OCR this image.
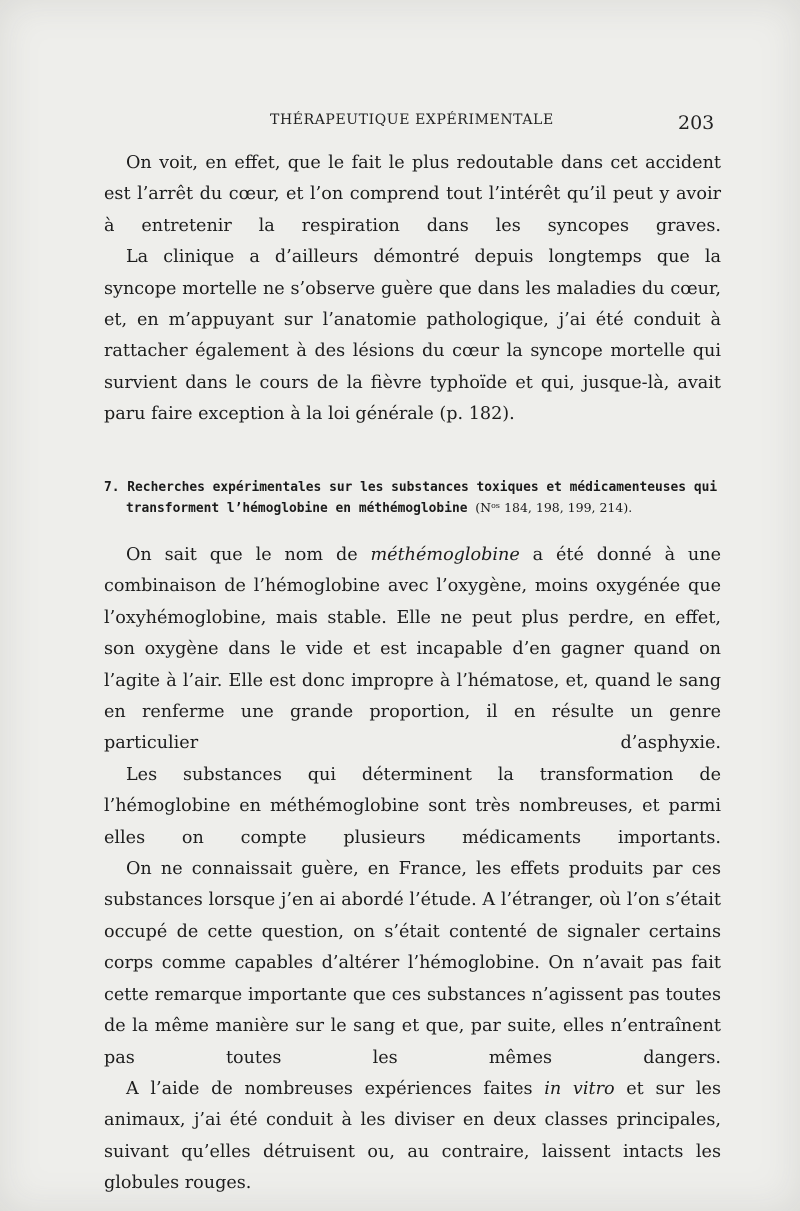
THÉRAPEUTIQUE EXPÉRIMENTALE	203

On voit, en effet, que le fait le plus redoutable dans cet accident est l’arrêt du cœur, et l’on comprend tout l’intérêt qu’il peut y avoir à entretenir la respiration dans les syncopes graves.

La clinique a d’ailleurs démontré depuis longtemps que la syncope mortelle ne s’observe guère que dans les maladies du cœur, et, en m’appuyant sur l’anatomie pathologique, j’ai été conduit à rattacher également à des lésions du cœur la syncope mortelle qui survient dans le cours de la fièvre typhoïde et qui, jusque-là, avait paru faire exception à la loi générale (p. 182).

7. Recherches expérimentales sur les substances toxiques et médicamenteuses qui
transforment l’hémoglobine en méthémoglobine (Nᵒˢ 184, 198, 199, 214).

On sait que le nom de méthémoglobine a été donné à une combinaison de l’hémoglobine avec l’oxygène, moins oxygénée que l’oxyhémoglobine, mais stable. Elle ne peut plus perdre, en effet, son oxygène dans le vide et est incapable d’en gagner quand on l’agite à l’air. Elle est donc impropre à l’hématose, et, quand le sang en renferme une grande proportion, il en résulte un genre particulier d’asphyxie.

Les substances qui déterminent la transformation de l’hémoglobine en méthémoglobine sont très nombreuses, et parmi elles on compte plusieurs médicaments importants.

On ne connaissait guère, en France, les effets produits par ces substances lorsque j’en ai abordé l’étude. A l’étranger, où l’on s’était occupé de cette question, on s’était contenté de signaler certains corps comme capables d’altérer l’hémoglobine. On n’avait pas fait cette remarque importante que ces substances n’agissent pas toutes de la même manière sur le sang et que, par suite, elles n’entraînent pas toutes les mêmes dangers.

A l’aide de nombreuses expériences faites in vitro et sur les animaux, j’ai été conduit à les diviser en deux classes principales, suivant qu’elles détruisent ou, au contraire, laissent intacts les globules rouges.
